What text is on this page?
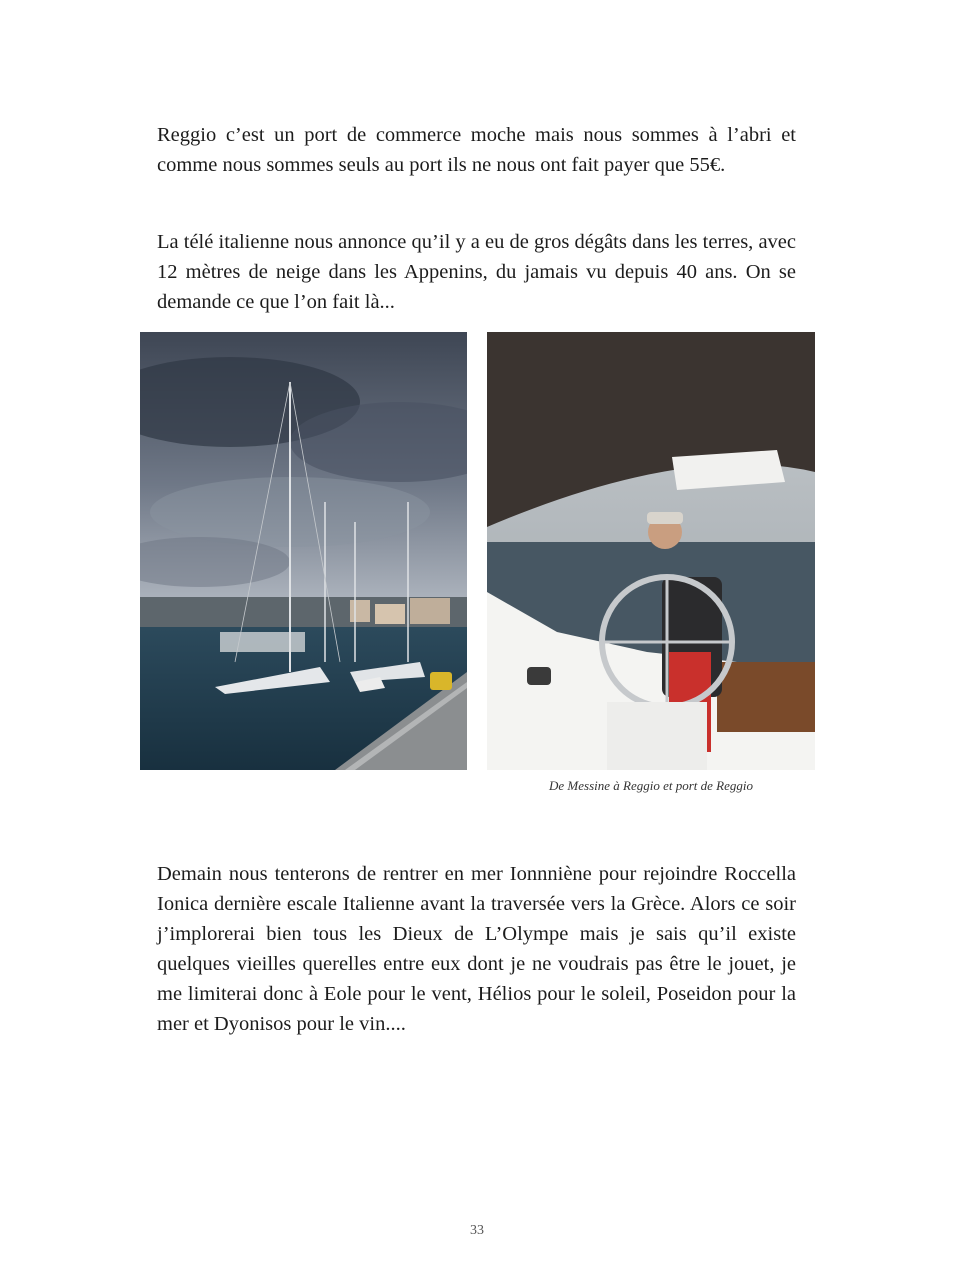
Reggio c’est un port de commerce moche mais nous sommes à l’abri et comme nous sommes seuls au port ils ne nous ont fait payer que 55€.

La télé italienne nous annonce qu’il y a eu de gros dégâts dans les terres, avec 12 mètres de neige dans les Appenins, du jamais vu depuis 40 ans. On se demande ce que l’on fait là...

De Messine à Reggio et port de Reggio

Demain nous tenterons de rentrer en mer Ionnniène pour rejoindre Roccella Ionica dernière escale Italienne avant la traversée vers la Grèce. Alors ce soir j’implorerai bien tous les Dieux de L’Olympe mais je sais qu’il existe quelques vieilles querelles entre eux dont je ne voudrais pas être le jouet, je me limiterai donc à Eole pour le vent, Hélios pour le soleil, Poseidon pour la mer et Dyonisos pour le vin....

33
